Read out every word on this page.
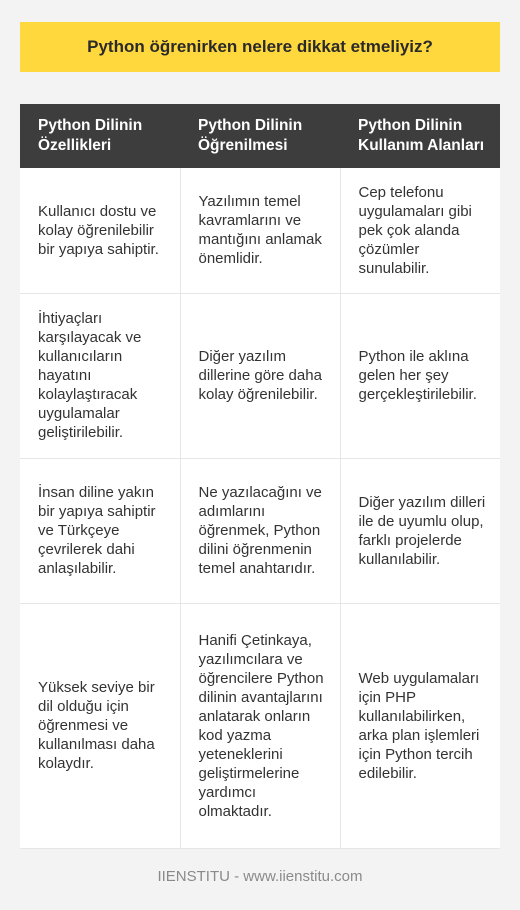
Python öğrenirken nelere dikkat etmeliyiz?
Python Dilinin Özellikleri	Python Dilinin Öğrenilmesi	Python Dilinin Kullanım Alanları
Kullanıcı dostu ve kolay öğrenilebilir bir yapıya sahiptir.	Yazılımın temel kavramlarını ve mantığını anlamak önemlidir.	Cep telefonu uygulamaları gibi pek çok alanda çözümler sunulabilir.
İhtiyaçları karşılayacak ve kullanıcıların hayatını kolaylaştıracak uygulamalar geliştirilebilir.	Diğer yazılım dillerine göre daha kolay öğrenilebilir.	Python ile aklına gelen her şey gerçekleştirilebilir.
İnsan diline yakın bir yapıya sahiptir ve Türkçeye çevrilerek dahi anlaşılabilir.	Ne yazılacağını ve adımlarını öğrenmek, Python dilini öğrenmenin temel anahtarıdır.	Diğer yazılım dilleri ile de uyumlu olup, farklı projelerde kullanılabilir.
Yüksek seviye bir dil olduğu için öğrenmesi ve kullanılması daha kolaydır.	Hanifi Çetinkaya, yazılımcılara ve öğrencilere Python dilinin avantajlarını anlatarak onların kod yazma yeteneklerini geliştirmelerine yardımcı olmaktadır.	Web uygulamaları için PHP kullanılabilirken, arka plan işlemleri için Python tercih edilebilir.
IIENSTITU - www.iienstitu.com
